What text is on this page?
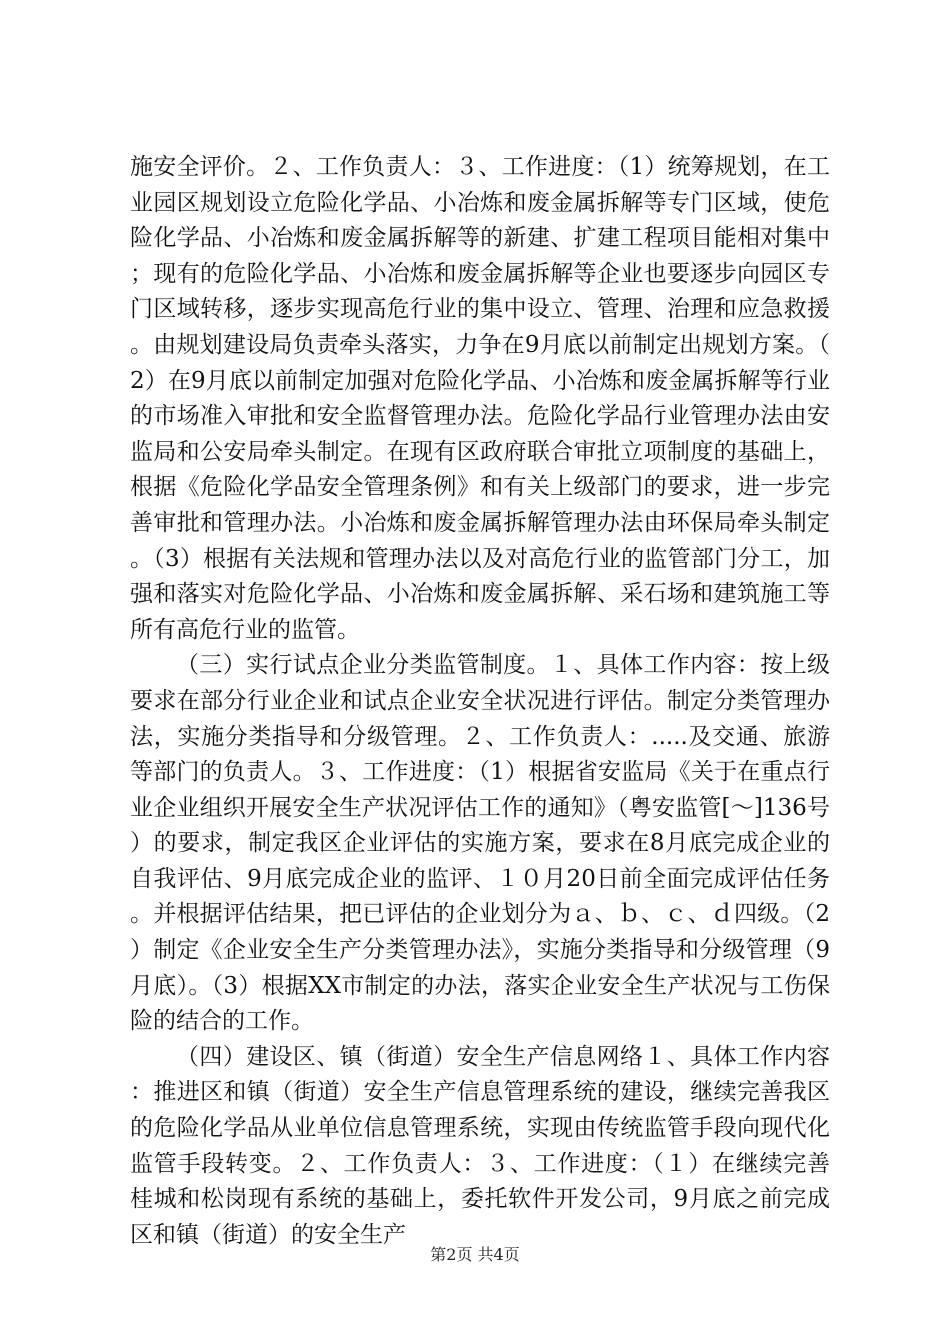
施安全评价。２、工作负责人：３、工作进度：（1）统筹规划，在工业园区规划设立危险化学品、小冶炼和废金属拆解等专门区域，使危险化学品、小冶炼和废金属拆解等的新建、扩建工程项目能相对集中；现有的危险化学品、小冶炼和废金属拆解等企业也要逐步向园区专门区域转移，逐步实现高危行业的集中设立、管理、治理和应急救援。由规划建设局负责牵头落实，力争在9月底以前制定出规划方案。（2）在9月底以前制定加强对危险化学品、小冶炼和废金属拆解等行业的市场准入审批和安全监督管理办法。危险化学品行业管理办法由安监局和公安局牵头制定。在现有区政府联合审批立项制度的基础上，根据《危险化学品安全管理条例》和有关上级部门的要求，进一步完善审批和管理办法。小冶炼和废金属拆解管理办法由环保局牵头制定。（3）根据有关法规和管理办法以及对高危行业的监管部门分工，加强和落实对危险化学品、小冶炼和废金属拆解、采石场和建筑施工等所有高危行业的监管。

（三）实行试点企业分类监管制度。１、具体工作内容：按上级要求在部分行业企业和试点企业安全状况进行评估。制定分类管理办法，实施分类指导和分级管理。２、工作负责人：.....及交通、旅游等部门的负责人。３、工作进度：（1）根据省安监局《关于在重点行业企业组织开展安全生产状况评估工作的通知》（粤安监管[～]136号）的要求，制定我区企业评估的实施方案，要求在8月底完成企业的自我评估、9月底完成企业的监评、１０月20日前全面完成评估任务。并根据评估结果，把已评估的企业划分为ａ、ｂ、ｃ、ｄ四级。（2）制定《企业安全生产分类管理办法》，实施分类指导和分级管理（9月底）。（3）根据XX市制定的办法，落实企业安全生产状况与工伤保险的结合的工作。

（四）建设区、镇（街道）安全生产信息网络１、具体工作内容：推进区和镇（街道）安全生产信息管理系统的建设，继续完善我区的危险化学品从业单位信息管理系统，实现由传统监管手段向现代化监管手段转变。２、工作负责人：３、工作进度：（１）在继续完善桂城和松岗现有系统的基础上，委托软件开发公司，9月底之前完成区和镇（街道）的安全生产

第2页 共4页
